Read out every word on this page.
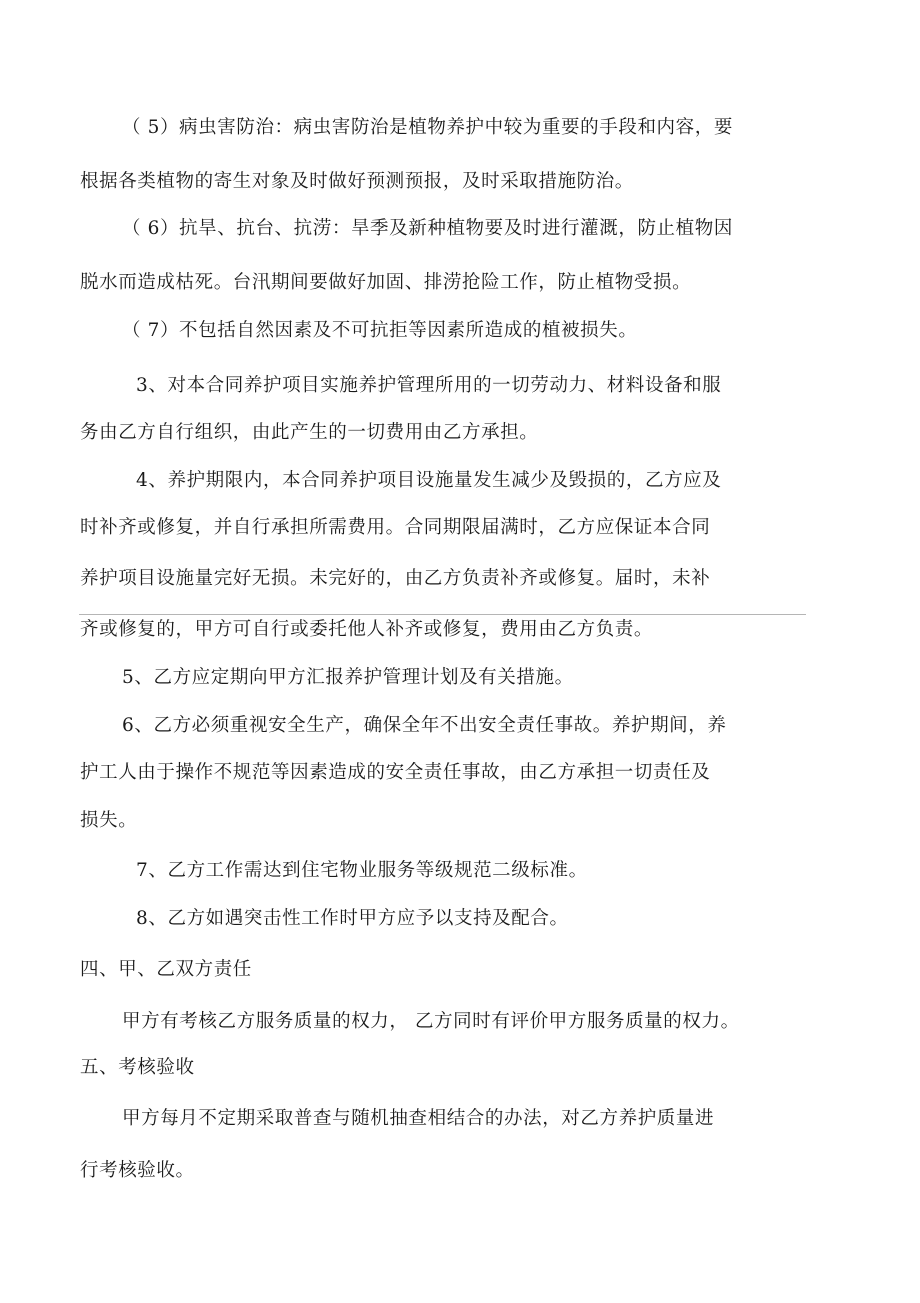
（ 5）病虫害防治：病虫害防治是植物养护中较为重要的手段和内容，要
根据各类植物的寄生对象及时做好预测预报，及时采取措施防治。
（ 6）抗旱、抗台、抗涝：旱季及新种植物要及时进行灌溉，防止植物因
脱水而造成枯死。台汛期间要做好加固、排涝抢险工作，防止植物受损。
（ 7）不包括自然因素及不可抗拒等因素所造成的植被损失。
3、对本合同养护项目实施养护管理所用的一切劳动力、材料设备和服
务由乙方自行组织，由此产生的一切费用由乙方承担。
4、养护期限内，本合同养护项目设施量发生减少及毁损的，乙方应及
时补齐或修复，并自行承担所需费用。合同期限届满时，乙方应保证本合同
养护项目设施量完好无损。未完好的，由乙方负责补齐或修复。届时，未补
齐或修复的，甲方可自行或委托他人补齐或修复，费用由乙方负责。
5、乙方应定期向甲方汇报养护管理计划及有关措施。
6、乙方必须重视安全生产，确保全年不出安全责任事故。养护期间，养
护工人由于操作不规范等因素造成的安全责任事故，由乙方承担一切责任及
损失。
7、乙方工作需达到住宅物业服务等级规范二级标准。
8、乙方如遇突击性工作时甲方应予以支持及配合。
四、甲、乙双方责任
甲方有考核乙方服务质量的权力， 乙方同时有评价甲方服务质量的权力。
五、考核验收
甲方每月不定期采取普查与随机抽查相结合的办法，对乙方养护质量进
行考核验收。
